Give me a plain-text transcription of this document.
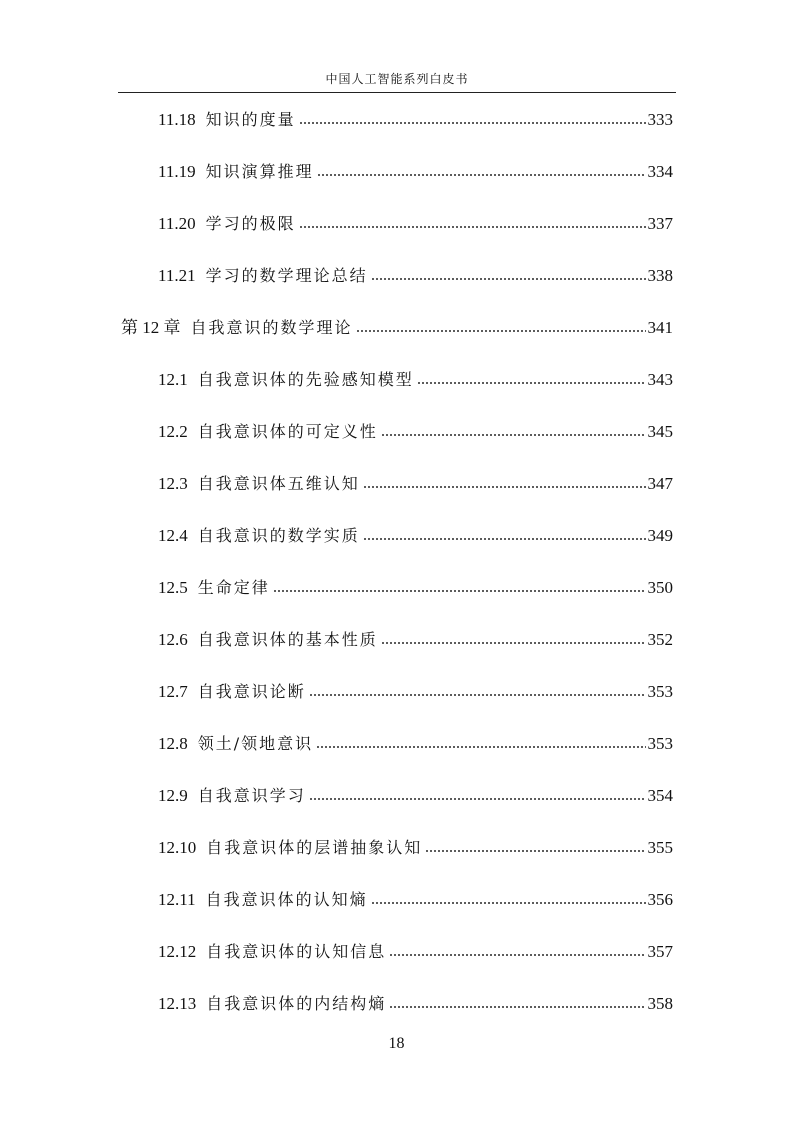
中国人工智能系列白皮书
11.18 知识的度量	333
11.19 知识演算推理	334
11.20 学习的极限	337
11.21 学习的数学理论总结	338
第 12 章 自我意识的数学理论	341
12.1 自我意识体的先验感知模型	343
12.2 自我意识体的可定义性	345
12.3 自我意识体五维认知	347
12.4 自我意识的数学实质	349
12.5 生命定律	350
12.6 自我意识体的基本性质	352
12.7 自我意识论断	353
12.8 领土/领地意识	353
12.9 自我意识学习	354
12.10 自我意识体的层谱抽象认知	355
12.11 自我意识体的认知熵	356
12.12 自我意识体的认知信息	357
12.13 自我意识体的内结构熵	358
18
